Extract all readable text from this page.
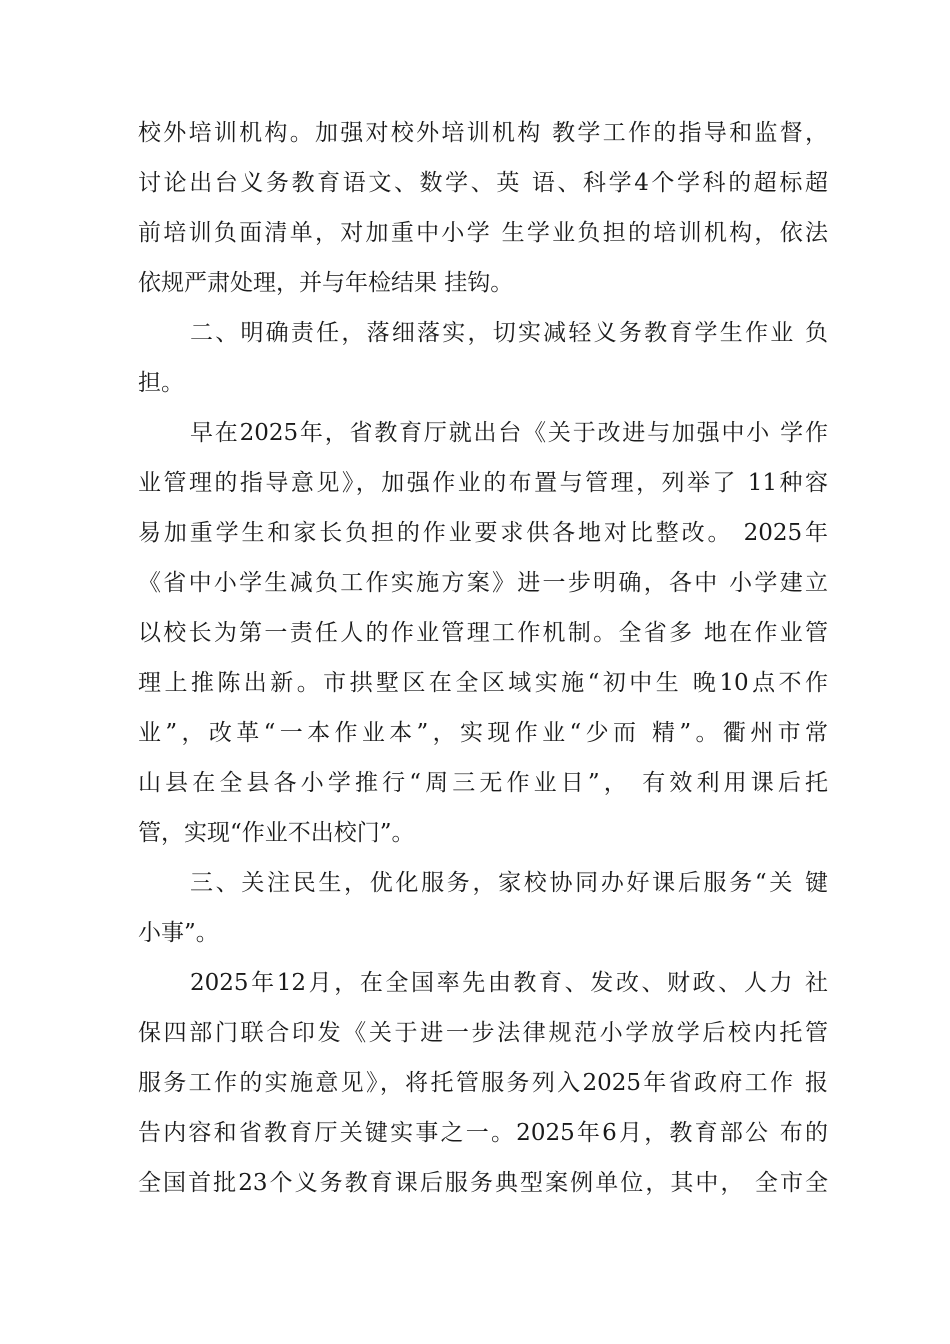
校外培训机构。加强对校外培训机构 教学工作的指导和监督，
讨论出台义务教育语文、数学、英 语、科学4个学科的超标超
前培训负面清单，对加重中小学 生学业负担的培训机构，依法
依规严肃处理，并与年检结果 挂钩。
二、明确责任，落细落实，切实减轻义务教育学生作业 负
担。
早在2025年，省教育厅就出台《关于改进与加强中小 学作
业管理的指导意见》，加强作业的布置与管理，列举了 11种容
易加重学生和家长负担的作业要求供各地对比整改。 2025年
《省中小学生减负工作实施方案》进一步明确，各中 小学建立
以校长为第一责任人的作业管理工作机制。全省多 地在作业管
理上推陈出新。市拱墅区在全区域实施“初中生 晚10点不作
业”，改革“一本作业本”，实现作业“少而 精”。衢州市常
山县在全县各小学推行“周三无作业日”， 有效利用课后托
管，实现“作业不出校门”。
三、关注民生，优化服务，家校协同办好课后服务“关 键
小事”。
2025年12月，在全国率先由教育、发改、财政、人力 社
保四部门联合印发《关于进一步法律规范小学放学后校内托管
服务工作的实施意见》，将托管服务列入2025年省政府工作 报
告内容和省教育厅关键实事之一。2025年6月，教育部公 布的
全国首批23个义务教育课后服务典型案例单位，其中， 全市全
